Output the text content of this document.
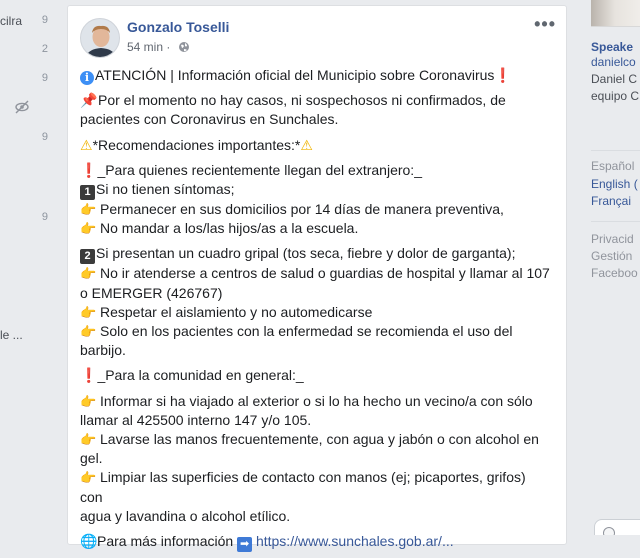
cilra 9
2
9
9
9
le ...
Gonzalo Toselli
54 min ·
•••

i ATENCIÓN | Información oficial del Municipio sobre Coronavirus❗

📌Por el momento no hay casos, ni sospechosos ni confirmados, de
pacientes con Coronavirus en Sunchales.

⚠*Recomendaciones importantes:*⚠

❗_Para quienes recientemente llegan del extranjero:_
1 Si no tienen síntomas;
👉 Permanecer en sus domicilios por 14 días de manera preventiva,
👉 No mandar a los/las hijos/as a la escuela.

2 Si presentan un cuadro gripal (tos seca, fiebre y dolor de garganta);
👉 No ir atenderse a centros de salud o guardias de hospital y llamar al 107
o EMERGER (426767)
👉 Respetar el aislamiento y no automedicarse
👉 Solo en los pacientes con la enfermedad se recomienda el uso del
barbijo.

❗_Para la comunidad en general:_

👉 Informar si ha viajado al exterior o si lo ha hecho un vecino/a con sólo
llamar al 425500 interno 147 y/o 105.
👉 Lavarse las manos frecuentemente, con agua y jabón o con alcohol en
gel.
👉 Limpiar las superficies de contacto con manos (ej; picaportes, grifos) con
agua y lavandina o alcohol etílico.

🌐Para más información ➡ https://www.sunchales.gob.ar/...

Speake
danielco
Daniel C
equipo C
Español
English (
Françai
Privacid
Gestión
Faceboo
